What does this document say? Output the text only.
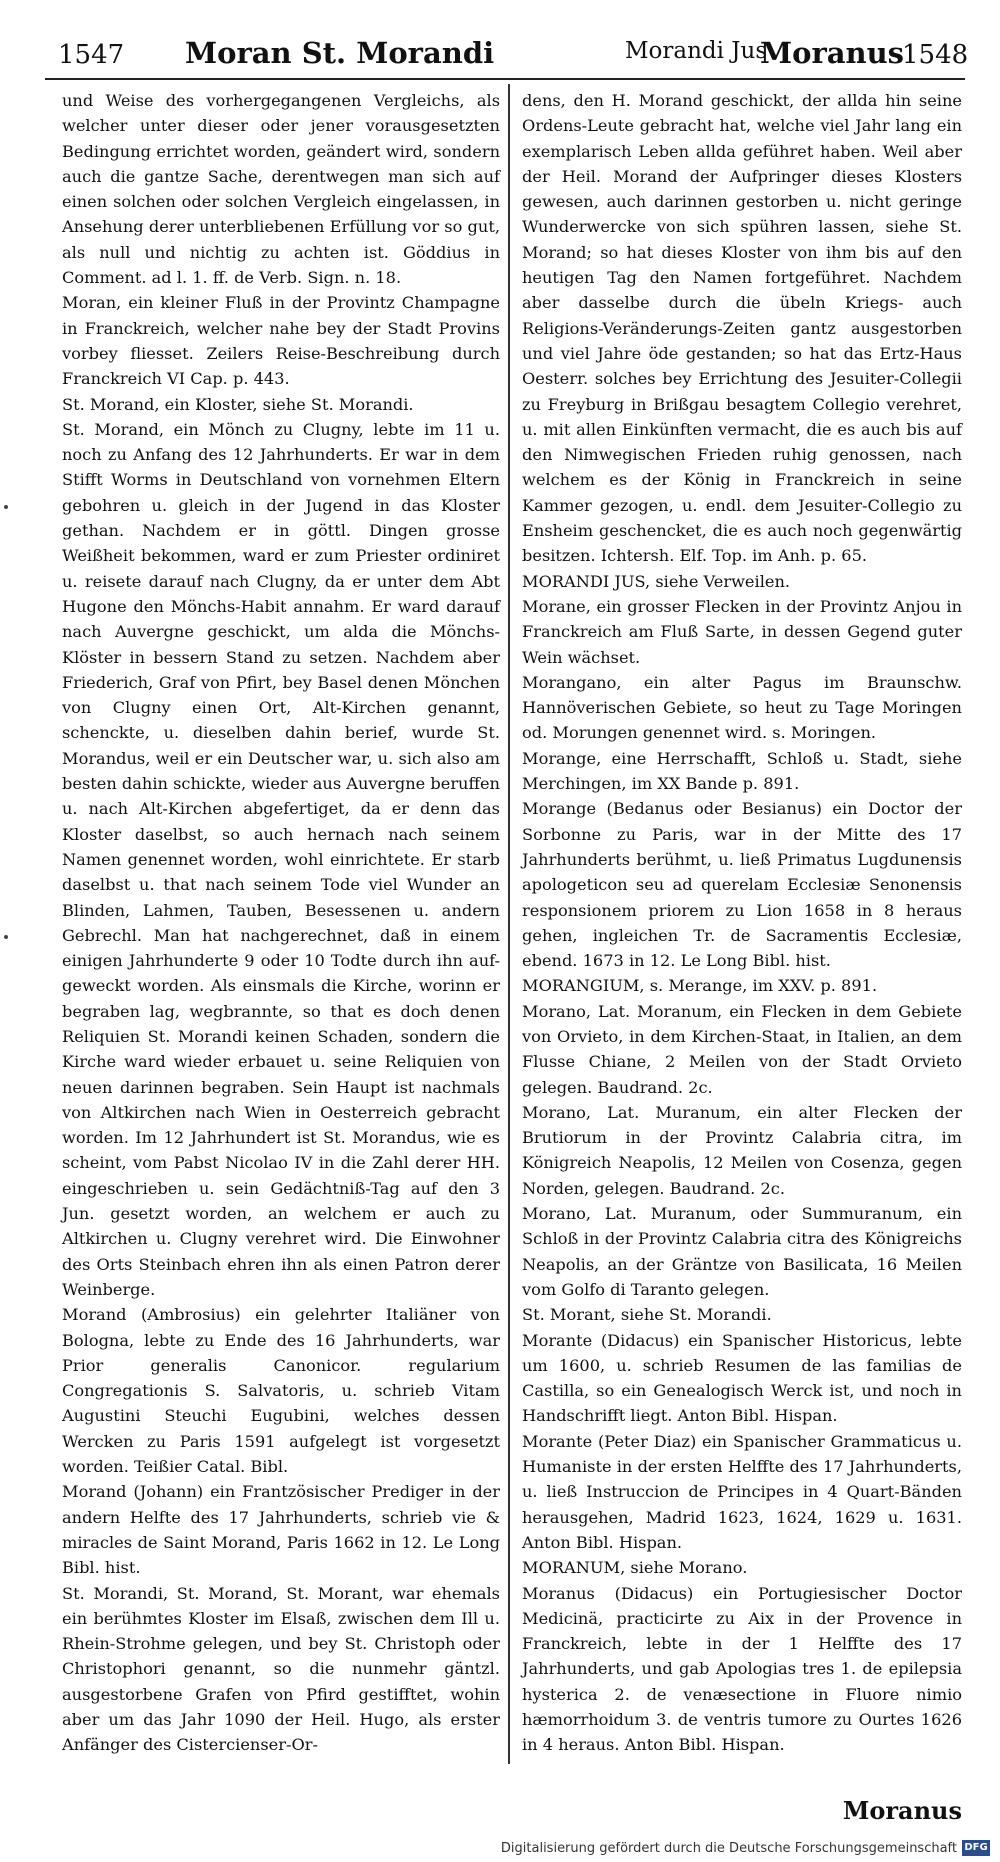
1547 Moran St. Morandi	Morandi Jus
Moranus
1548

und Weise des vorhergegangenen Vergleichs, als welcher unter dieser oder jener vorausgesetzten Bedingung errichtet worden, geändert wird, sondern auch die gantze Sache, derentwegen man sich auf einen solchen oder solchen Vergleich eingelassen, in Ansehung derer unterbliebenen Erfüllung vor so gut, als null und nichtig zu achten ist. Göddius in Comment. ad l. 1. ff. de Verb. Sign. n. 18.

Moran, ein kleiner Fluß in der Provintz Champagne in Franckreich, welcher nahe bey der Stadt Provins vorbey fliesset. Zeilers Reise-Beschreibung durch Franckreich VI Cap. p. 443.

St. Morand, ein Kloster, siehe St. Morandi.

St. Morand, ein Mönch zu Clugny, lebte im 11 u. noch zu Anfang des 12 Jahrhunderts. Er war in dem Stifft Worms in Deutschland von vornehmen Eltern gebohren u. gleich in der Jugend in das Kloster gethan. Nachdem er in göttl. Dingen grosse Weißheit bekommen, ward er zum Priester ordiniret u. reisete darauf nach Clugny, da er unter dem Abt Hugone den Mönchs-Habit annahm. Er ward darauf nach Auvergne geschickt, um alda die Mönchs-Klöster in bessern Stand zu setzen. Nachdem aber Friederich, Graf von Pfirt, bey Basel denen Mönchen von Clugny einen Ort, Alt-Kirchen genannt, schenckte, u. dieselben dahin berief, wurde St. Morandus, weil er ein Deutscher war, u. sich also am besten dahin schickte, wieder aus Auvergne beruffen u. nach Alt-Kirchen abgefertiget, da er denn das Kloster daselbst, so auch hernach nach seinem Namen genennet worden, wohl einrichtete. Er starb daselbst u. that nach seinem Tode viel Wunder an Blinden, Lahmen, Tauben, Besessenen u. andern Gebrechl. Man hat nachgerechnet, daß in einem einigen Jahrhunderte 9 oder 10 Todte durch ihn auf-geweckt worden. Als einsmals die Kirche, worinn er begraben lag, wegbrannte, so that es doch denen Reliquien St. Morandi keinen Schaden, sondern die Kirche ward wieder erbauet u. seine Reliquien von neuen darinnen begraben. Sein Haupt ist nachmals von Altkirchen nach Wien in Oesterreich gebracht worden. Im 12 Jahrhundert ist St. Morandus, wie es scheint, vom Pabst Nicolao IV in die Zahl derer HH. eingeschrieben u. sein Gedächtniß-Tag auf den 3 Jun. gesetzt worden, an welchem er auch zu Altkirchen u. Clugny verehret wird. Die Einwohner des Orts Steinbach ehren ihn als einen Patron derer Weinberge.

Morand (Ambrosius) ein gelehrter Italiäner von Bologna, lebte zu Ende des 16 Jahrhunderts, war Prior generalis Canonicor. regularium Congregationis S. Salvatoris, u. schrieb Vitam Augustini Steuchi Eugubini, welches dessen Wercken zu Paris 1591 aufgelegt ist vorgesetzt worden. Teißier Catal. Bibl.

Morand (Johann) ein Frantzösischer Prediger in der andern Helfte des 17 Jahrhunderts, schrieb vie & miracles de Saint Morand, Paris 1662 in 12. Le Long Bibl. hist.

St. Morandi, St. Morand, St. Morant, war ehemals ein berühmtes Kloster im Elsaß, zwischen dem Ill u. Rhein-Strohme gelegen, und bey St. Christoph oder Christophori genannt, so die nunmehr gäntzl. ausgestorbene Grafen von Pfird gestifftet, wohin aber um das Jahr 1090 der Heil. Hugo, als erster Anfänger des Cistercienser-Or-

dens, den H. Morand geschickt, der allda hin seine Ordens-Leute gebracht hat, welche viel Jahr lang ein exemplarisch Leben allda geführet haben. Weil aber der Heil. Morand der Aufpringer dieses Klosters gewesen, auch darinnen gestorben u. nicht geringe Wunderwercke von sich spühren lassen, siehe St. Morand; so hat dieses Kloster von ihm bis auf den heutigen Tag den Namen fortgeführet. Nachdem aber dasselbe durch die übeln Kriegs- auch Religions-Veränderungs-Zeiten gantz ausgestorben und viel Jahre öde gestanden; so hat das Ertz-Haus Oesterr. solches bey Errichtung des Jesuiter-Collegii zu Freyburg in Brißgau besagtem Collegio verehret, u. mit allen Einkünften vermacht, die es auch bis auf den Nimwegischen Frieden ruhig genossen, nach welchem es der König in Franckreich in seine Kammer gezogen, u. endl. dem Jesuiter-Collegio zu Ensheim geschencket, die es auch noch gegenwärtig besitzen. Ichtersh. Elf. Top. im Anh. p. 65.

MORANDI JUS, siehe Verweilen.

Morane, ein grosser Flecken in der Provintz Anjou in Franckreich am Fluß Sarte, in dessen Gegend guter Wein wächset.

Morangano, ein alter Pagus im Braunschw. Hannöverischen Gebiete, so heut zu Tage Moringen od. Morungen genennet wird. s. Moringen.

Morange, eine Herrschafft, Schloß u. Stadt, siehe Merchingen, im XX Bande p. 891.

Morange (Bedanus oder Besianus) ein Doctor der Sorbonne zu Paris, war in der Mitte des 17 Jahrhunderts berühmt, u. ließ Primatus Lugdunensis apologeticon seu ad querelam Ecclesiæ Senonensis responsionem priorem zu Lion 1658 in 8 heraus gehen, ingleichen Tr. de Sacramentis Ecclesiæ, ebend. 1673 in 12. Le Long Bibl. hist.

MORANGIUM, s. Merange, im XXV. p. 891.

Morano, Lat. Moranum, ein Flecken in dem Gebiete von Orvieto, in dem Kirchen-Staat, in Italien, an dem Flusse Chiane, 2 Meilen von der Stadt Orvieto gelegen. Baudrand. 2c.

Morano, Lat. Muranum, ein alter Flecken der Brutiorum in der Provintz Calabria citra, im Königreich Neapolis, 12 Meilen von Cosenza, gegen Norden, gelegen. Baudrand. 2c.

Morano, Lat. Muranum, oder Summuranum, ein Schloß in der Provintz Calabria citra des Königreichs Neapolis, an der Gräntze von Basilicata, 16 Meilen vom Golfo di Taranto gelegen.

St. Morant, siehe St. Morandi.

Morante (Didacus) ein Spanischer Historicus, lebte um 1600, u. schrieb Resumen de las familias de Castilla, so ein Genealogisch Werck ist, und noch in Handschrifft liegt. Anton Bibl. Hispan.

Morante (Peter Diaz) ein Spanischer Grammaticus u. Humaniste in der ersten Helffte des 17 Jahrhunderts, u. ließ Instruccion de Principes in 4 Quart-Bänden herausgehen, Madrid 1623, 1624, 1629 u. 1631. Anton Bibl. Hispan.

MORANUM, siehe Morano.

Moranus (Didacus) ein Portugiesischer Doctor Medicinä, practicirte zu Aix in der Provence in Franckreich, lebte in der 1 Helffte des 17 Jahrhunderts, und gab Apologias tres 1. de epilepsia hysterica 2. de venæsectione in Fluore nimio hæmorrhoidum 3. de ventris tumore zu Ourtes 1626 in 4 heraus. Anton Bibl. Hispan.

Moranus
Digitalisierung gefördert durch die Deutsche Forschungsgemeinschaft DFG
